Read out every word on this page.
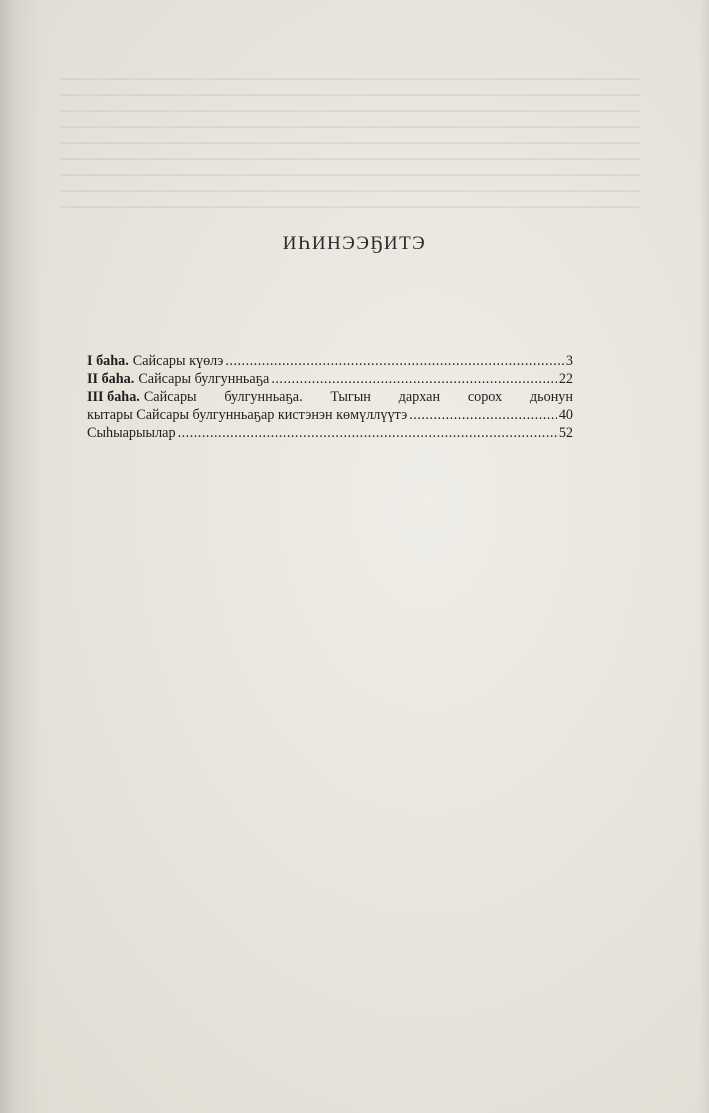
ИҺИНЭЭҔИТЭ
I баһа. Сайсары күөлэ .....	3
II баһа. Сайсары булгунньаҕа .....	22
III баһа. Сайсары булгунньаҕа. Тыгын дархан сорох дьонун
кытары Сайсары булгунньаҕар кистэнэн көмүллүүтэ .....	40
Сыһыарыылар .....	52
